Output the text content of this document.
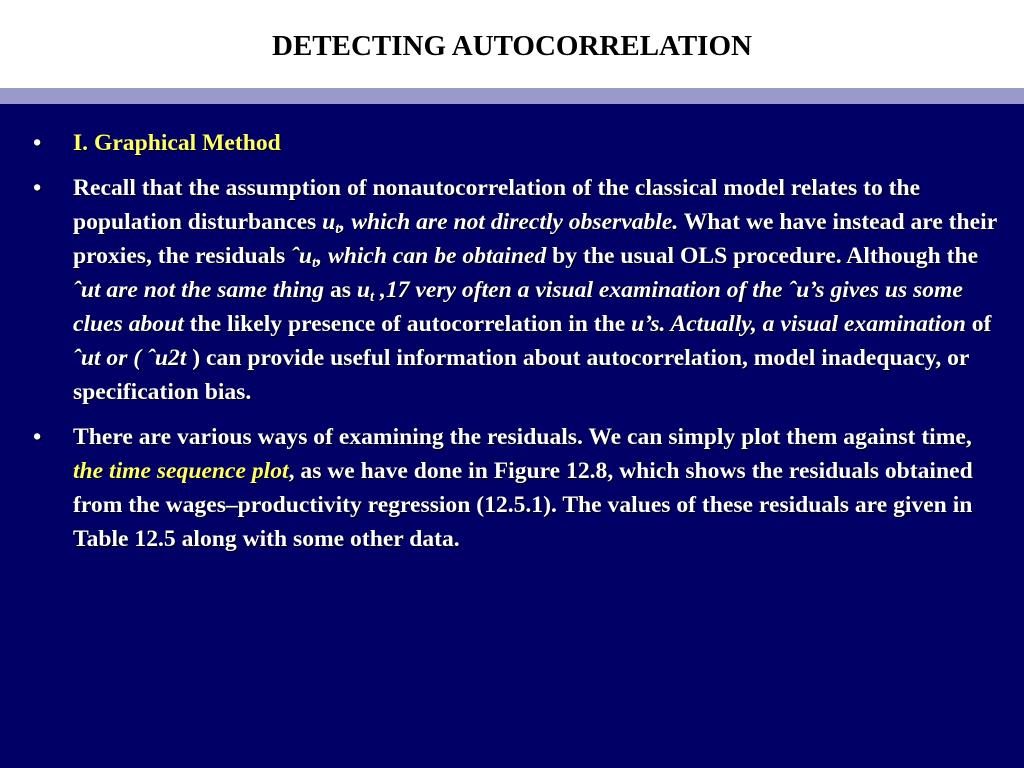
DETECTING AUTOCORRELATION
• I. Graphical Method
• Recall that the assumption of nonautocorrelation of the classical model relates to the population disturbances $u_t$, which are not directly observable. What we have instead are their proxies, the residuals ˆu$_t$, which can be obtained by the usual OLS procedure. Although the ˆut are not the same thing as $u_t$ ,17 very often a visual examination of the ˆu’s gives us some clues about the likely presence of autocorrelation in the u’s. Actually, a visual examination of ˆut or ( ˆu2t ) can provide useful information about autocorrelation, model inadequacy, or specification bias.
• There are various ways of examining the residuals. We can simply plot them against time, the time sequence plot, as we have done in Figure 12.8, which shows the residuals obtained from the wages–productivity regression (12.5.1). The values of these residuals are given in Table 12.5 along with some other data.
